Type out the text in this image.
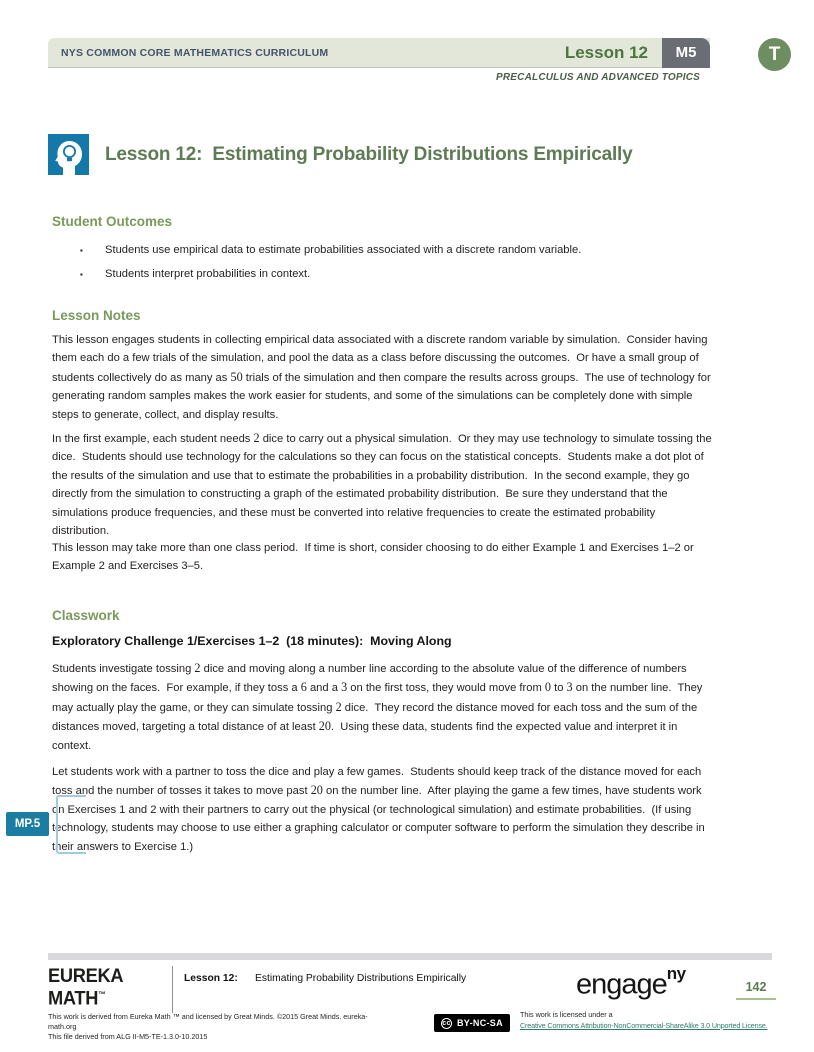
NYS COMMON CORE MATHEMATICS CURRICULUM	Lesson 12	M5	T
PRECALCULUS AND ADVANCED TOPICS
Lesson 12:  Estimating Probability Distributions Empirically
Student Outcomes
▪	Students use empirical data to estimate probabilities associated with a discrete random variable.
▪	Students interpret probabilities in context.
Lesson Notes
This lesson engages students in collecting empirical data associated with a discrete random variable by simulation.  Consider having them each do a few trials of the simulation, and pool the data as a class before discussing the outcomes.  Or have a small group of students collectively do as many as 50 trials of the simulation and then compare the results across groups.  The use of technology for generating random samples makes the work easier for students, and some of the simulations can be completely done with simple steps to generate, collect, and display results.
In the first example, each student needs 2 dice to carry out a physical simulation.  Or they may use technology to simulate tossing the dice.  Students should use technology for the calculations so they can focus on the statistical concepts.  Students make a dot plot of the results of the simulation and use that to estimate the probabilities in a probability distribution.  In the second example, they go directly from the simulation to constructing a graph of the estimated probability distribution.  Be sure they understand that the simulations produce frequencies, and these must be converted into relative frequencies to create the estimated probability distribution.
This lesson may take more than one class period.  If time is short, consider choosing to do either Example 1 and Exercises 1–2 or Example 2 and Exercises 3–5.
Classwork
Exploratory Challenge 1/Exercises 1–2  (18 minutes):  Moving Along
Students investigate tossing 2 dice and moving along a number line according to the absolute value of the difference of numbers showing on the faces.  For example, if they toss a 6 and a 3 on the first toss, they would move from 0 to 3 on the number line.  They may actually play the game, or they can simulate tossing 2 dice.  They record the distance moved for each toss and the sum of the distances moved, targeting a total distance of at least 20.  Using these data, students find the expected value and interpret it in context.
Let students work with a partner to toss the dice and play a few games.  Students should keep track of the distance moved for each toss and the number of tosses it takes to move past 20 on the number line.  After playing the game a few times, have students work on Exercises 1 and 2 with their partners to carry out the physical (or technological simulation) and estimate probabilities.  (If using technology, students may choose to use either a graphing calculator or computer software to perform the simulation they describe in their answers to Exercise 1.)
MP.5
EUREKA
MATH™
Lesson 12:	Estimating Probability Distributions Empirically	engage$^{ny}$
142
This work is derived from Eureka Math ™ and licensed by Great Minds. ©2015 Great Minds. eureka-math.org
This file derived from ALG II-M5-TE-1.3.0-10.2015
cc BY-NC-SA
This work is licensed under a
Creative Commons Attribution-NonCommercial-ShareAlike 3.0 Unported License.
